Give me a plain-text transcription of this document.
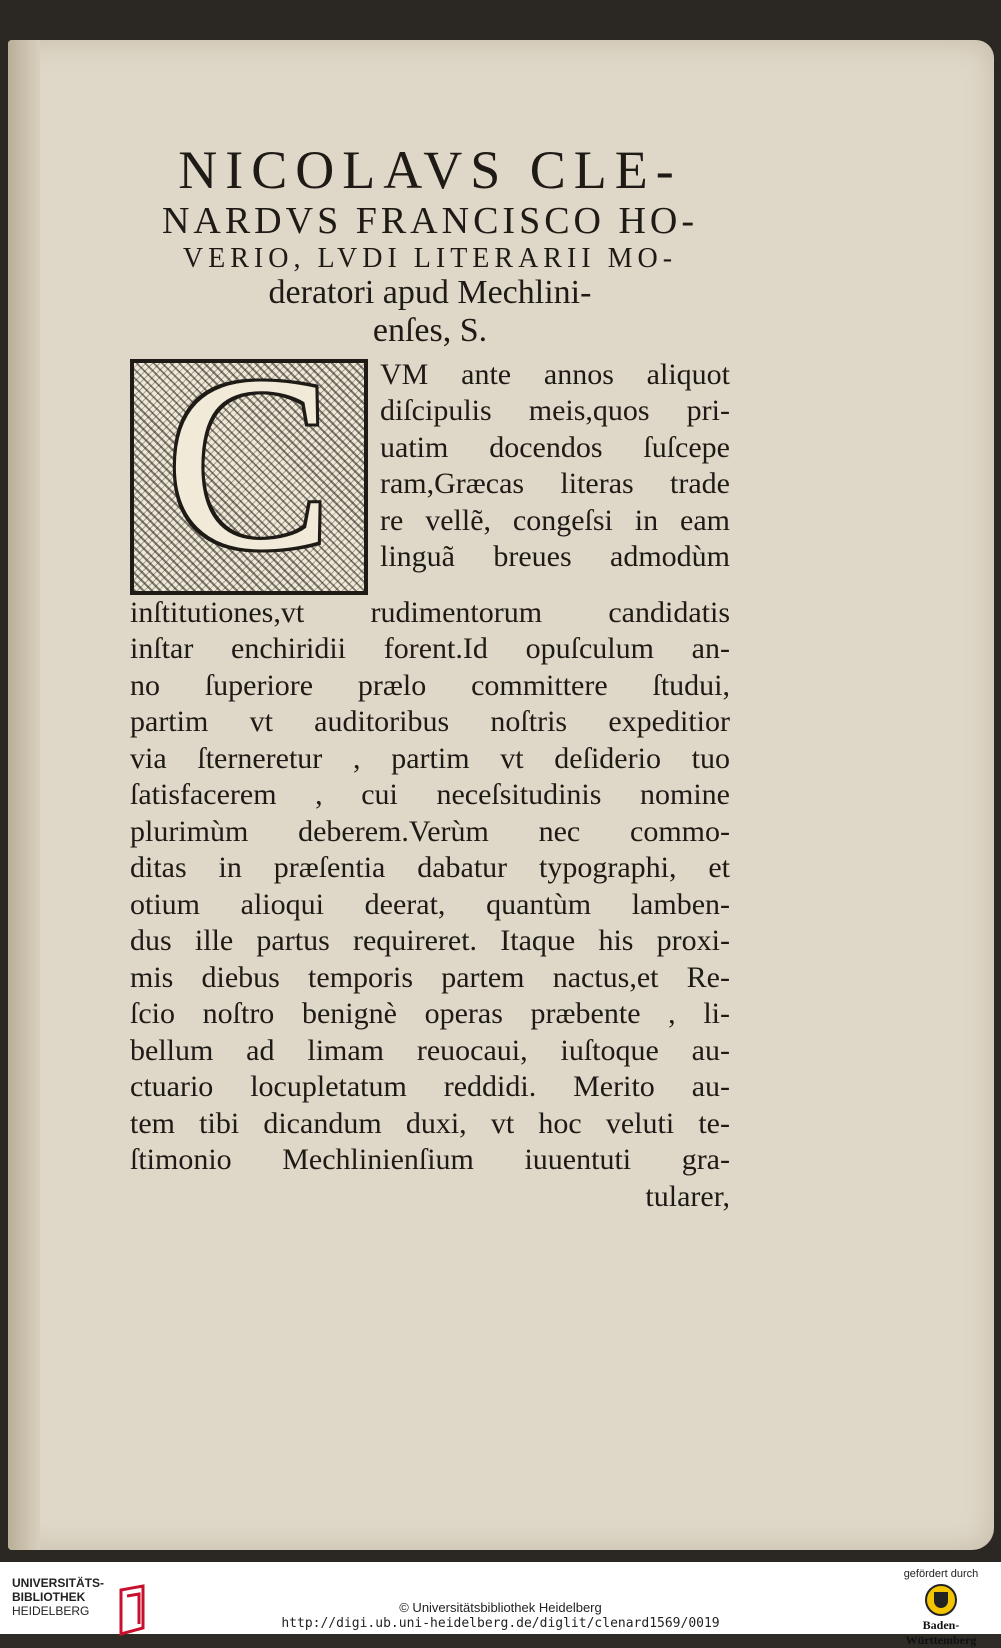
NICOLAVS CLE-
NARDVS FRANCISCO HO-
VERIO, LVDI LITERARII MO-
deratori apud Mechlini-
enſes, S.
C	VM ante annos aliquot
diſcipulis meis,quos pri-
uatim docendos ſuſcepe
ram,Græcas literas trade
re vellẽ, congeſsi in eam
linguã breues admodùm
inſtitutiones,vt rudimentorum candidatis
inſtar enchiridii forent.Id opuſculum an-
no ſuperiore prælo committere ſtudui,
partim vt auditoribus noſtris expeditior
via ſterneretur , partim vt deſiderio tuo
ſatisfacerem , cui neceſsitudinis nomine
plurimùm deberem.Verùm nec commo-
ditas in præſentia dabatur typographi, et
otium alioqui deerat, quantùm lamben-
dus ille partus requireret. Itaque his proxi-
mis diebus temporis partem nactus,et Re-
ſcio noſtro benignè operas præbente , li-
bellum ad limam reuocaui, iuſtoque au-
ctuario locupletatum reddidi. Merito au-
tem tibi dicandum duxi, vt hoc veluti te-
ſtimonio Mechlinienſium iuuentuti gra-
tularer,
UNIVERSITÄTS-
BIBLIOTHEK
HEIDELBERG	© Universitätsbibliothek Heidelberg
http://digi.ub.uni-heidelberg.de/diglit/clenard1569/0019
gefördert durch
Baden-Württemberg
